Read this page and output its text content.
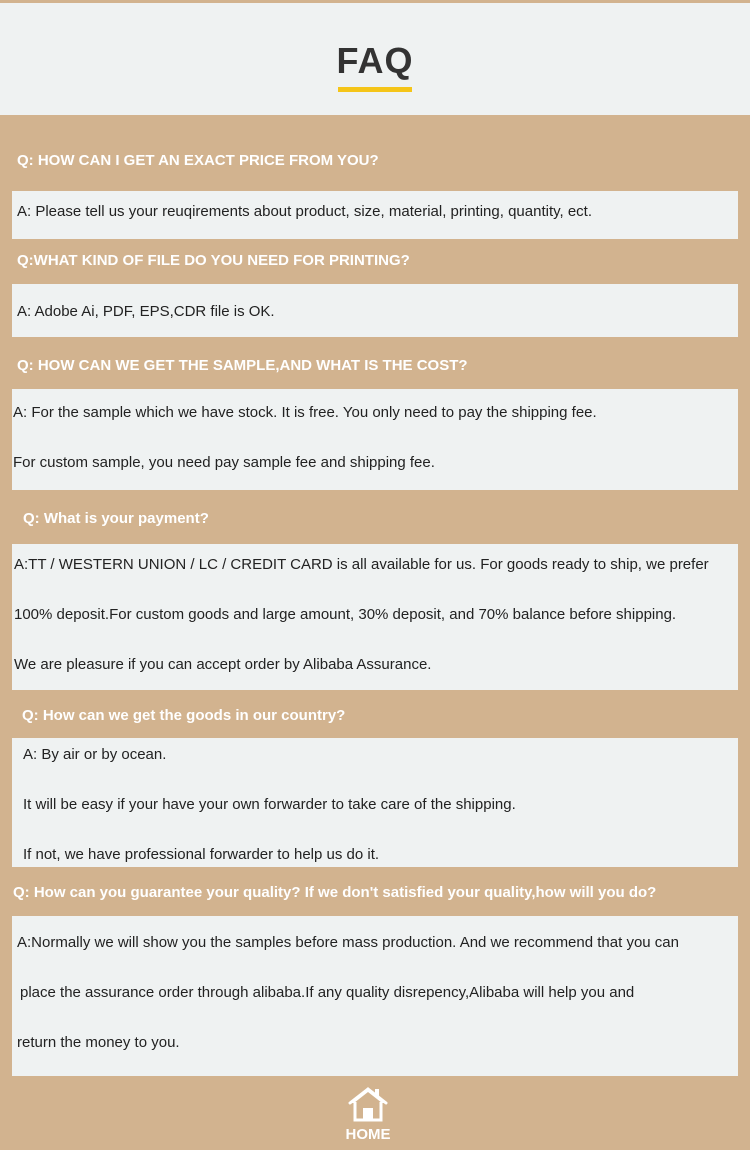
FAQ
Q: HOW CAN I GET AN EXACT PRICE FROM YOU?
A: Please tell us your reuqirements about product, size, material, printing, quantity, ect.
Q:WHAT KIND OF FILE DO YOU NEED FOR PRINTING?
A: Adobe Ai, PDF, EPS,CDR file is OK.
Q: HOW CAN WE GET THE SAMPLE,AND WHAT IS THE COST?
A: For the sample which we have stock. It is free. You only need to pay the shipping fee.
For custom sample, you need pay sample fee and shipping fee.
Q: What is your payment?
A:TT / WESTERN UNION / LC / CREDIT CARD is all available for us. For goods ready to ship, we prefer
100% deposit.For custom goods and large amount, 30% deposit, and 70% balance before shipping.
We are pleasure if you can accept order by Alibaba Assurance.
Q: How can we get the goods in our country?
A: By air or by ocean.
It will be easy if your have your own forwarder to take care of the shipping.
If not, we have professional forwarder to help us do it.
Q: How can you guarantee your quality? If we don't satisfied your quality,how will you do?
A:Normally we will show you the samples before mass production. And we recommend that you can
place the assurance order through alibaba.If any quality disrepency,Alibaba will help you and
return the money to you.
HOME
